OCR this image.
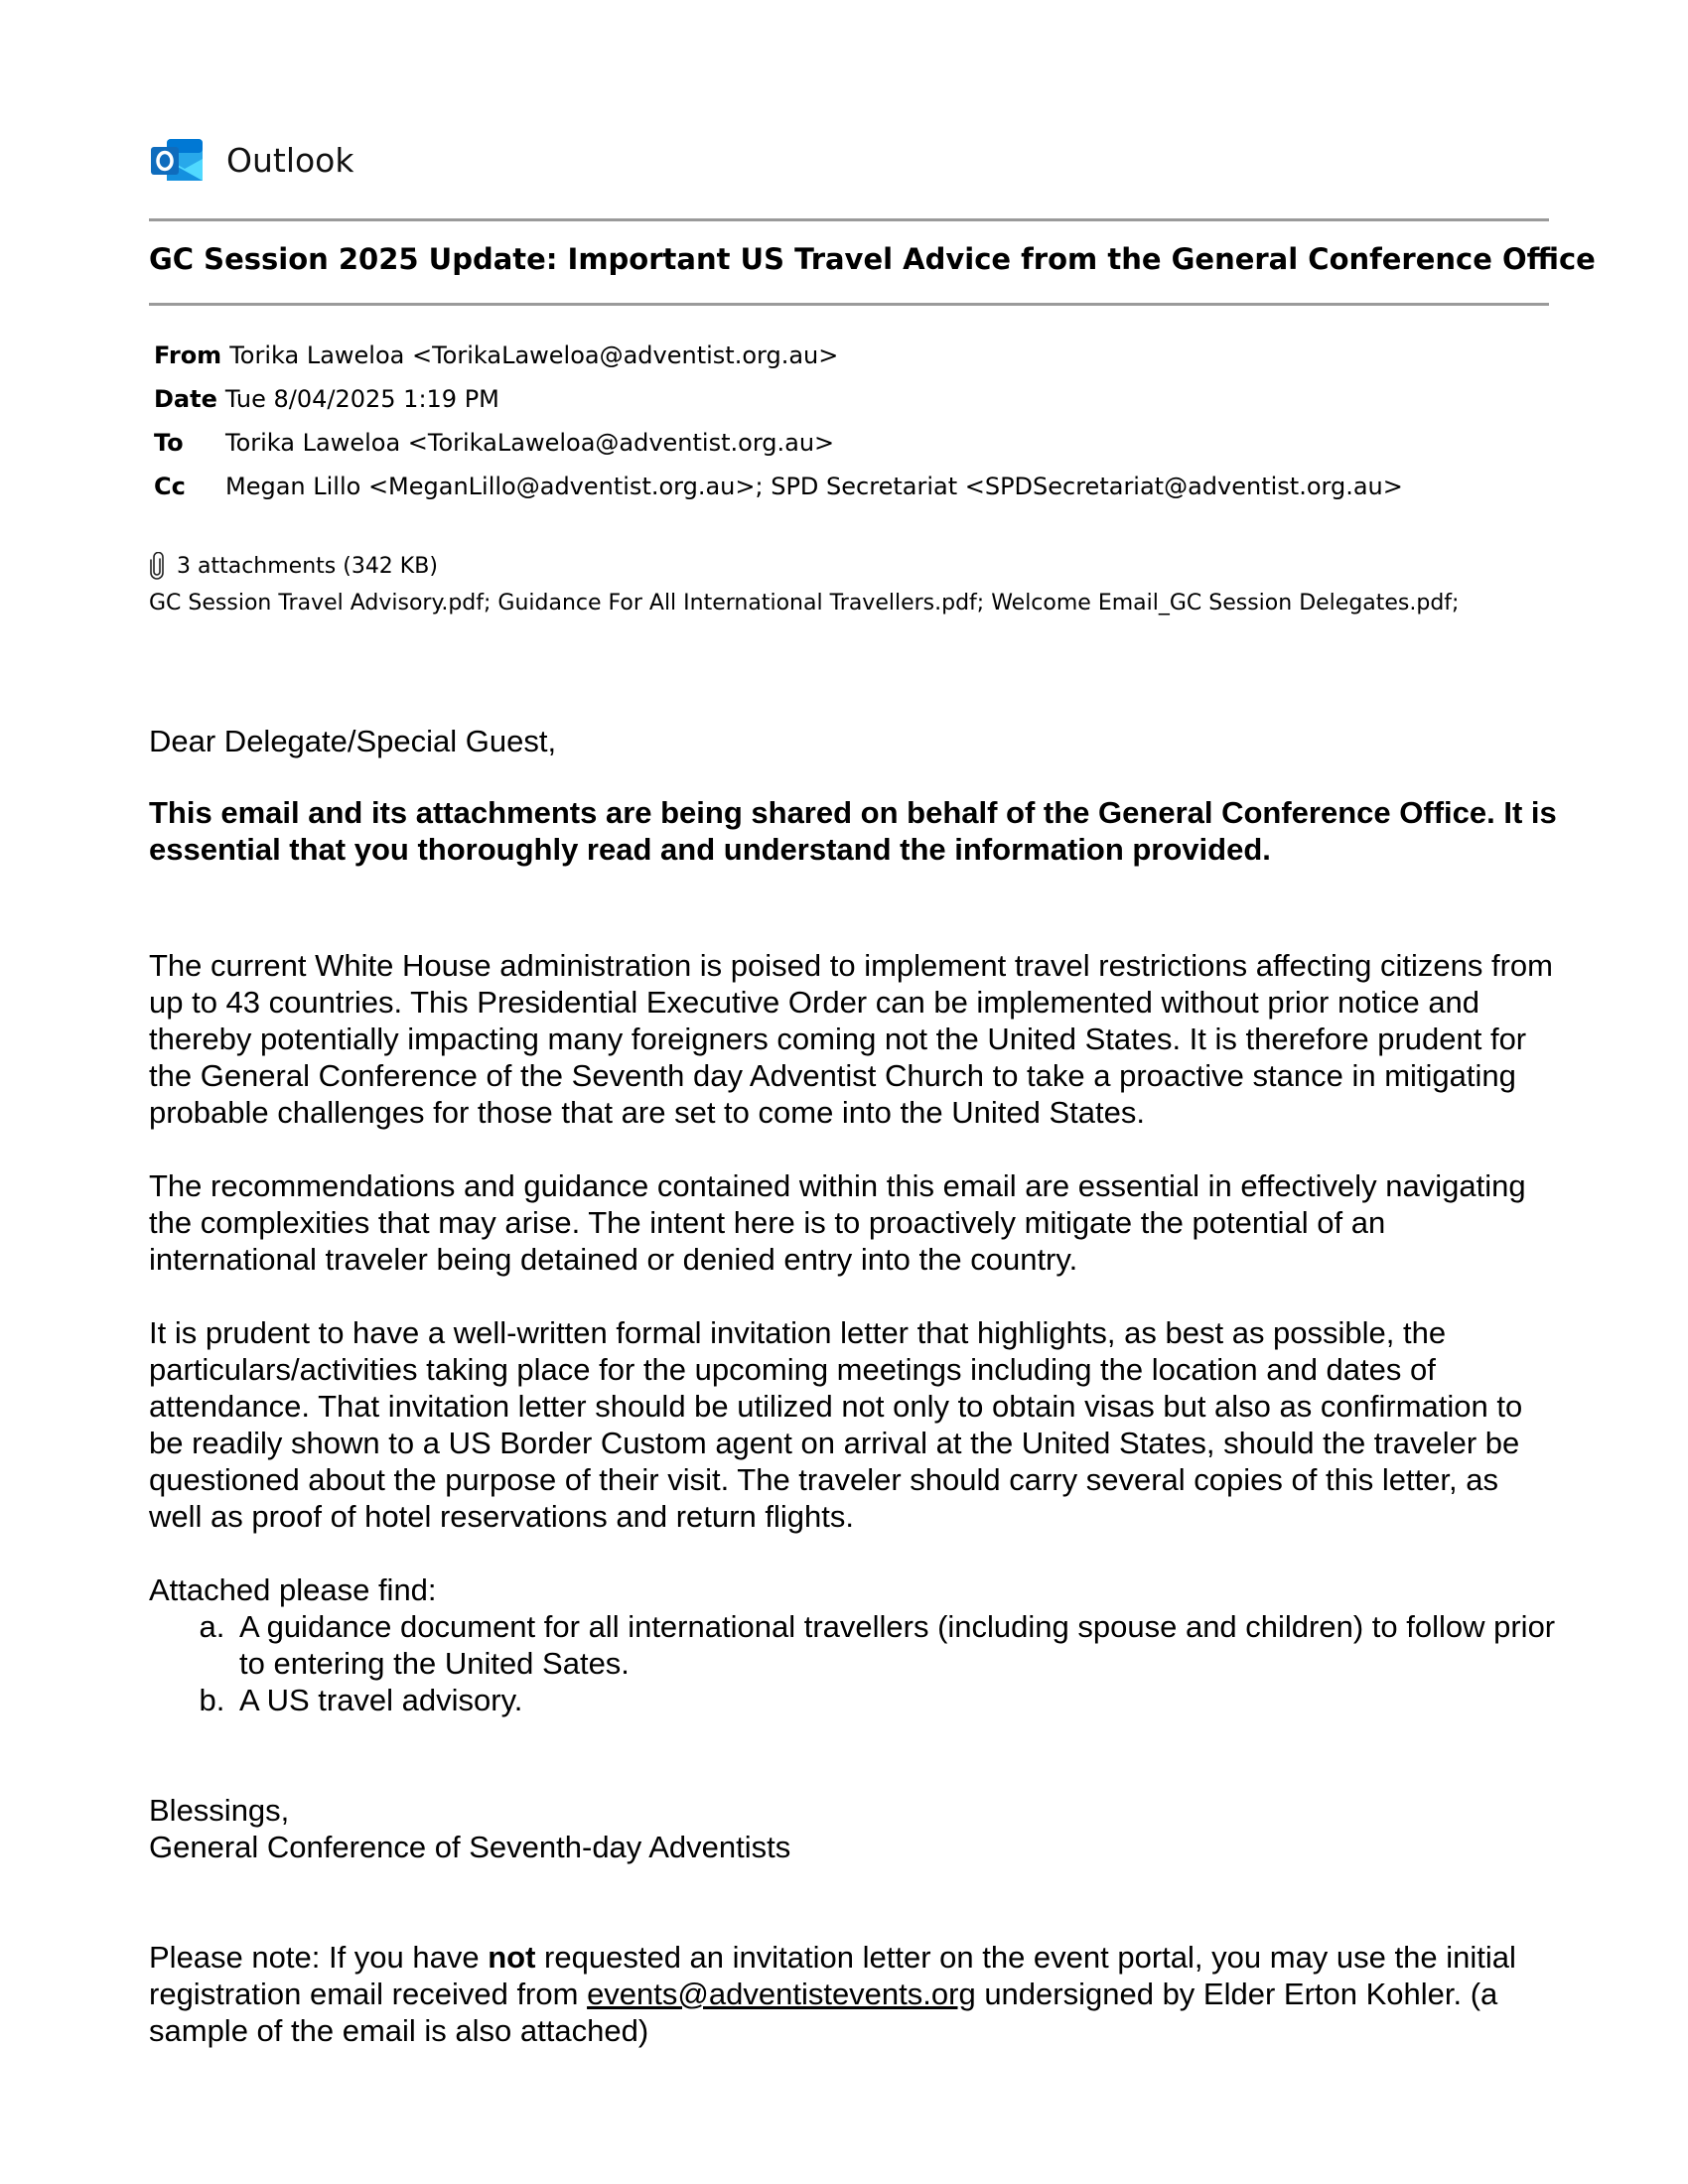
Outlook
GC Session 2025 Update: Important US Travel Advice from the General Conference Office
From Torika Laweloa <TorikaLaweloa@adventist.org.au>
Date Tue 8/04/2025 1:19 PM
To	Torika Laweloa <TorikaLaweloa@adventist.org.au>
Cc	Megan Lillo <MeganLillo@adventist.org.au>; SPD Secretariat <SPDSecretariat@adventist.org.au>
3 attachments (342 KB)
GC Session Travel Advisory.pdf; Guidance For All International Travellers.pdf; Welcome Email_GC Session Delegates.pdf;

Dear Delegate/Special Guest,

This email and its attachments are being shared on behalf of the General Conference Office. It is essential that you thoroughly read and understand the information provided.

The current White House administration is poised to implement travel restrictions affecting citizens from up to 43 countries. This Presidential Executive Order can be implemented without prior notice and thereby potentially impacting many foreigners coming not the United States. It is therefore prudent for the General Conference of the Seventh day Adventist Church to take a proactive stance in mitigating probable challenges for those that are set to come into the United States.

The recommendations and guidance contained within this email are essential in effectively navigating the complexities that may arise. The intent here is to proactively mitigate the potential of an international traveler being detained or denied entry into the country.

It is prudent to have a well-written formal invitation letter that highlights, as best as possible, the particulars/activities taking place for the upcoming meetings including the location and dates of attendance. That invitation letter should be utilized not only to obtain visas but also as confirmation to be readily shown to a US Border Custom agent on arrival at the United States, should the traveler be questioned about the purpose of their visit. The traveler should carry several copies of this letter, as well as proof of hotel reservations and return flights.

Attached please find:

a. A guidance document for all international travellers (including spouse and children) to follow prior to entering the United Sates.
b. A US travel advisory.

Blessings,

General Conference of Seventh-day Adventists

Please note: If you have not requested an invitation letter on the event portal, you may use the initial registration email received from events@adventistevents.org undersigned by Elder Erton Kohler. (a sample of the email is also attached)
